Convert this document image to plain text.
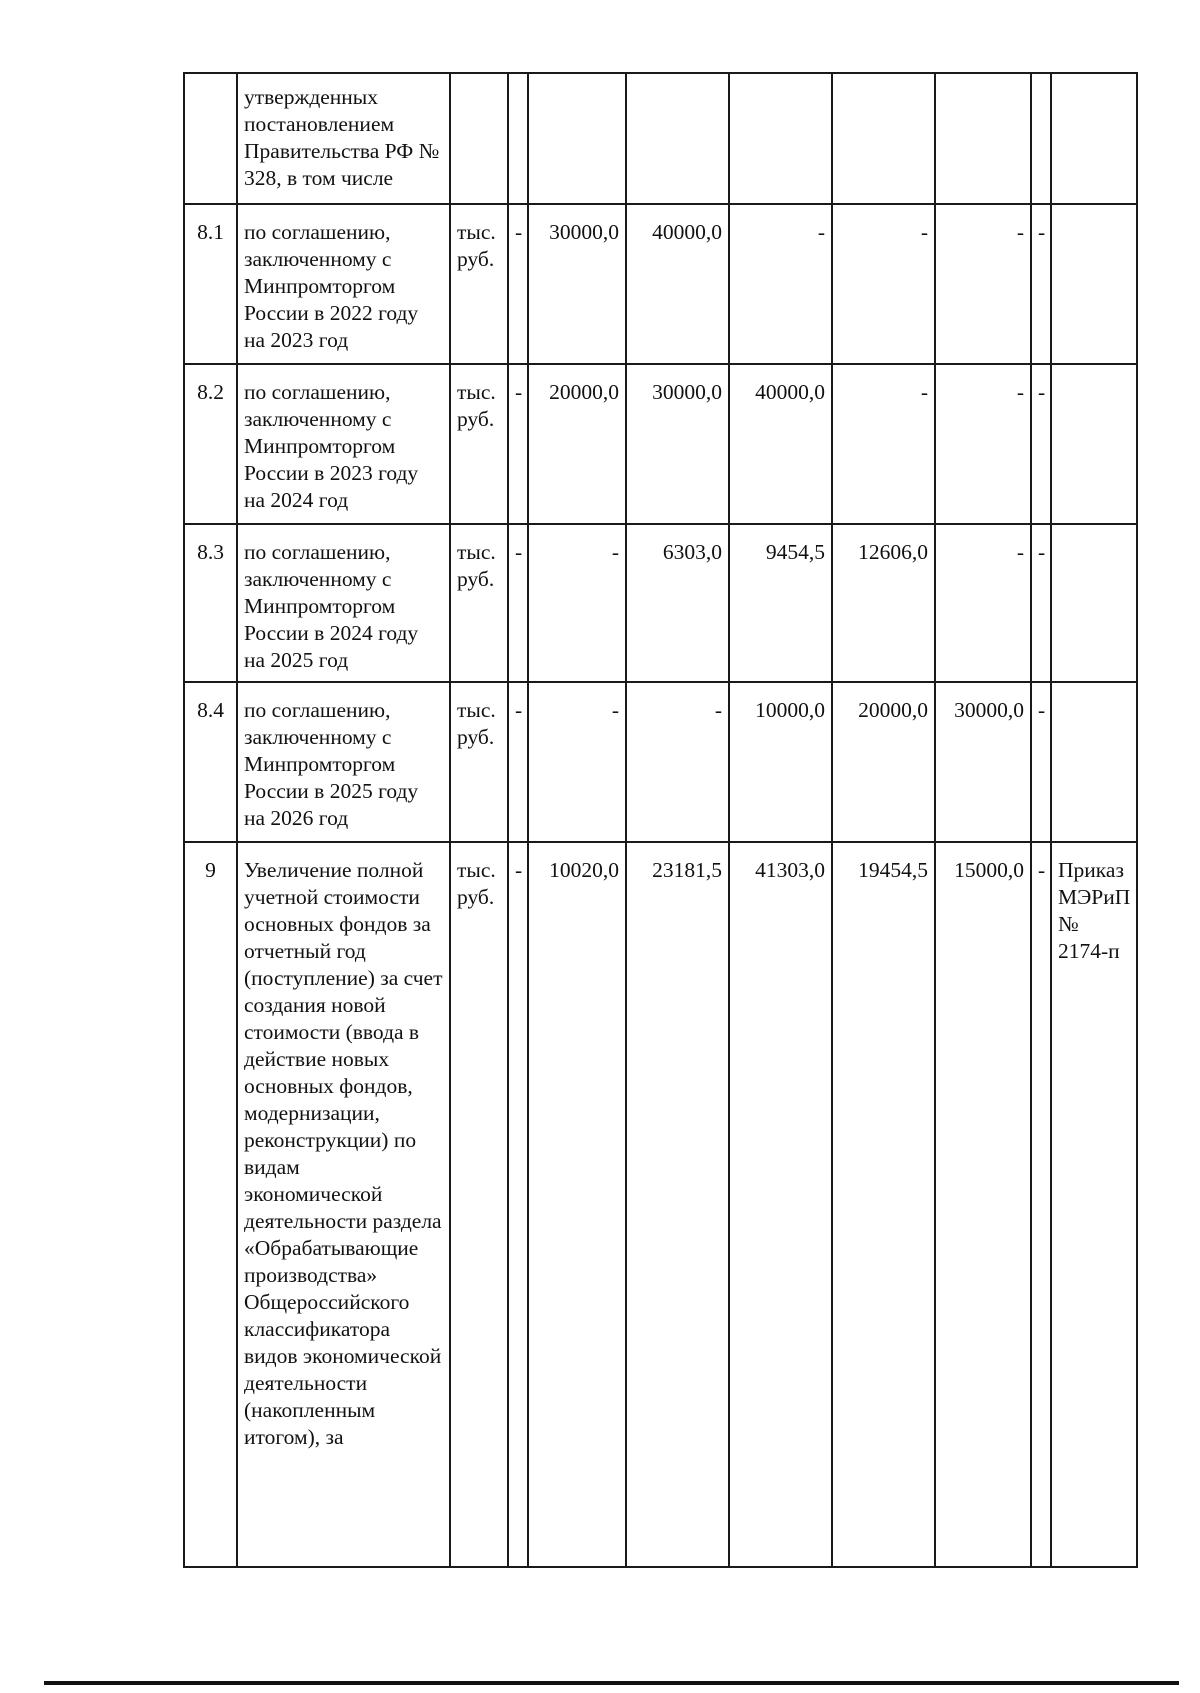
	утвержденных постановлением Правительства РФ № 328, в том числе									
8.1	по соглашению, заключенному с Минпромторгом России в 2022 году на 2023 год	тыс. руб.	-	30000,0	40000,0	-	-	-	-	
8.2	по соглашению, заключенному с Минпромторгом России в 2023 году на 2024 год	тыс. руб.	-	20000,0	30000,0	40000,0	-	-	-	
8.3	по соглашению, заключенному с Минпромторгом России в 2024 году на 2025 год	тыс. руб.	-	-	6303,0	9454,5	12606,0	-	-	
8.4	по соглашению, заключенному с Минпромторгом России в 2025 году на 2026 год	тыс. руб.	-	-	-	10000,0	20000,0	30000,0	-	
9	Увеличение полной учетной стоимости основных фондов за отчетный год (поступление) за счет создания новой стоимости (ввода в действие новых основных фондов, модернизации, реконструкции) по видам экономической деятельности раздела «Обрабатывающие производства» Общероссийского классификатора видов экономической деятельности (накопленным итогом), за	тыс. руб.	-	10020,0	23181,5	41303,0	19454,5	15000,0	-	Приказ МЭРиП № 2174-п
